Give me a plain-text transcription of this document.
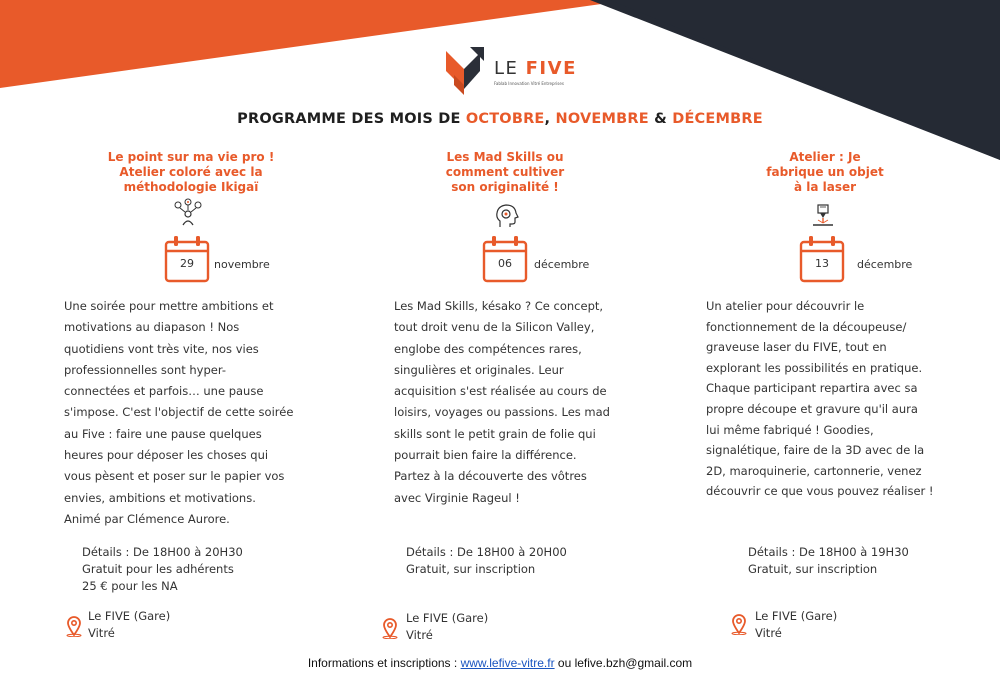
LE FIVE
Fablab Innovation Vitré Entreprises
PROGRAMME DES MOIS DE OCTOBRE, NOVEMBRE & DÉCEMBRE
Le point sur ma vie pro !
Atelier coloré avec la
méthodologie Ikigaï
29	novembre
Une soirée pour mettre ambitions et
motivations au diapason ! Nos
quotidiens vont très vite, nos vies
professionnelles sont hyper-
connectées et parfois… une pause
s'impose. C'est l'objectif de cette soirée
au Five : faire une pause quelques
heures pour déposer les choses qui
vous pèsent et poser sur le papier vos
envies, ambitions et motivations.
Animé par Clémence Aurore.
Détails : De 18H00 à 20H30
Gratuit pour les adhérents
25 € pour les NA
Le FIVE (Gare)
Vitré
Les Mad Skills ou
comment cultiver
son originalité !
06	décembre
Les Mad Skills, késako ? Ce concept,
tout droit venu de la Silicon Valley,
englobe des compétences rares,
singulières et originales. Leur
acquisition s'est réalisée au cours de
loisirs, voyages ou passions. Les mad
skills sont le petit grain de folie qui
pourrait bien faire la différence.
Partez à la découverte des vôtres
avec Virginie Rageul !
Détails : De 18H00 à 20H00
Gratuit, sur inscription
Le FIVE (Gare)
Vitré
Atelier : Je
fabrique un objet
à la laser
13	décembre
Un atelier pour découvrir le
fonctionnement de la découpeuse/
graveuse laser du FIVE, tout en
explorant les possibilités en pratique.
Chaque participant repartira avec sa
propre découpe et gravure qu'il aura
lui même fabriqué ! Goodies,
signalétique, faire de la 3D avec de la
2D, maroquinerie, cartonnerie, venez
découvrir ce que vous pouvez réaliser !
Détails : De 18H00 à 19H30
Gratuit, sur inscription
Le FIVE (Gare)
Vitré
Informations et inscriptions : www.lefive-vitre.fr ou lefive.bzh@gmail.com
